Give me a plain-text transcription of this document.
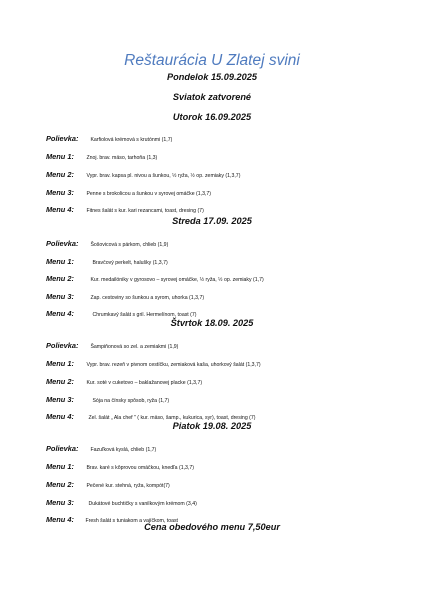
Reštaurácia U Zlatej svini
Pondelok 15.09.2025
Sviatok zatvorené
Utorok 16.09.2025
Polievka: Karfiolová krémová s krutónmi (1,7)
Menu 1: Znoj. brav. mäso, tarhoňa (1,3)
Menu 2: Vypr. brav. kapsa pl. nivou a šunkou, ½ ryža, ½ op. zemiaky (1,3,7)
Menu 3: Penne s brokolicou a šunkou v syrovej omáčke (1,3,7)
Menu 4: Fitnes šalát s kur. kari rezancami, toast, dresing (7)
Streda 17.09. 2025
Polievka: Šošovicová s párkom, chlieb (1,9)
Menu 1:	Bravčový perkelt, halušky (1,3,7)
Menu 2:	Kur. medailóniky v gyrosovo – syrovej omáčke, ½ ryža, ½ op. zemiaky (1,7)
Menu 3:	Zap. cestoviny so šunkou a syrom, uhorka (1,3,7)
Menu 4:	Chrumkavý šalát s gril. Hermelínom, toast (7)
Štvrtok 18.09. 2025
Polievka: Šampiňonová so zel. a zemiakmi (1,9)
Menu 1: Vypr. brav. rezeň v pivnom cestíčku, zemiaková kaša, uhorkový šalát (1,3,7)
Menu 2: Kur. soté v cuketovo – baklažanovej placke (1,3,7)
Menu 3:	Sója na čínsky spôsob, ryža (1,7)
Menu 4:	Zel. šalát „ Ala chef " ( kur. mäso, šamp., kukurica, syr), toast, dresing (7)
Piatok 19.08. 2025
Polievka: Fazuľková kyslá, chlieb (1,7)
Menu 1: Brav. karé s kôprovou omáčkou, knedľa (1,3,7)
Menu 2: Pečené kur. stehná, ryža, kompót(7)
Menu 3:	Dukátové buchtičky s vanilkovým krémom (3,4)
Menu 4: Fresh šalát s tuniakom a vajíčkom, toast
Cena obedového menu 7,50eur
